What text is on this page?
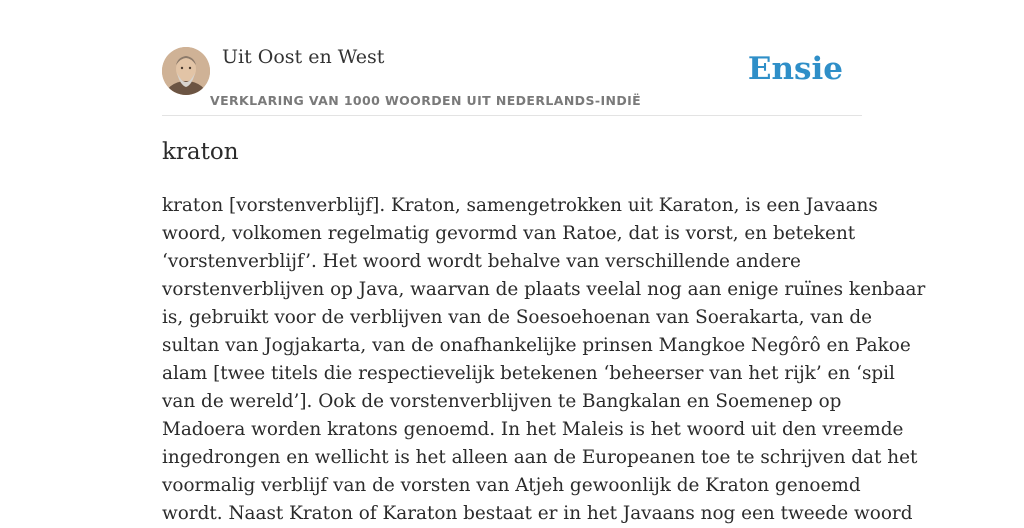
Uit Oost en West
VERKLARING VAN 1000 WOORDEN UIT NEDERLANDS-INDIË
Ensie
kraton
kraton [vorstenverblijf]. Kraton, samengetrokken uit Karaton, is een Javaans
woord, volkomen regelmatig gevormd van Ratoe, dat is vorst, en betekent
‘vorstenverblijf’. Het woord wordt behalve van verschillende andere
vorstenverblijven op Java, waarvan de plaats veelal nog aan enige ruïnes kenbaar
is, gebruikt voor de verblijven van de Soesoehoenan van Soerakarta, van de
sultan van Jogjakarta, van de onafhankelijke prinsen Mangkoe Negôrô en Pakoe
alam [twee titels die respectievelijk betekenen ‘beheerser van het rijk’ en ‘spil
van de wereld’]. Ook de vorstenverblijven te Bangkalan en Soemenep op
Madoera worden kratons genoemd. In het Maleis is het woord uit den vreemde
ingedrongen en wellicht is het alleen aan de Europeanen toe te schrijven dat het
voormalig verblijf van de vorsten van Atjeh gewoonlijk de Kraton genoemd
wordt. Naast Kraton of Karaton bestaat er in het Javaans nog een tweede woord
